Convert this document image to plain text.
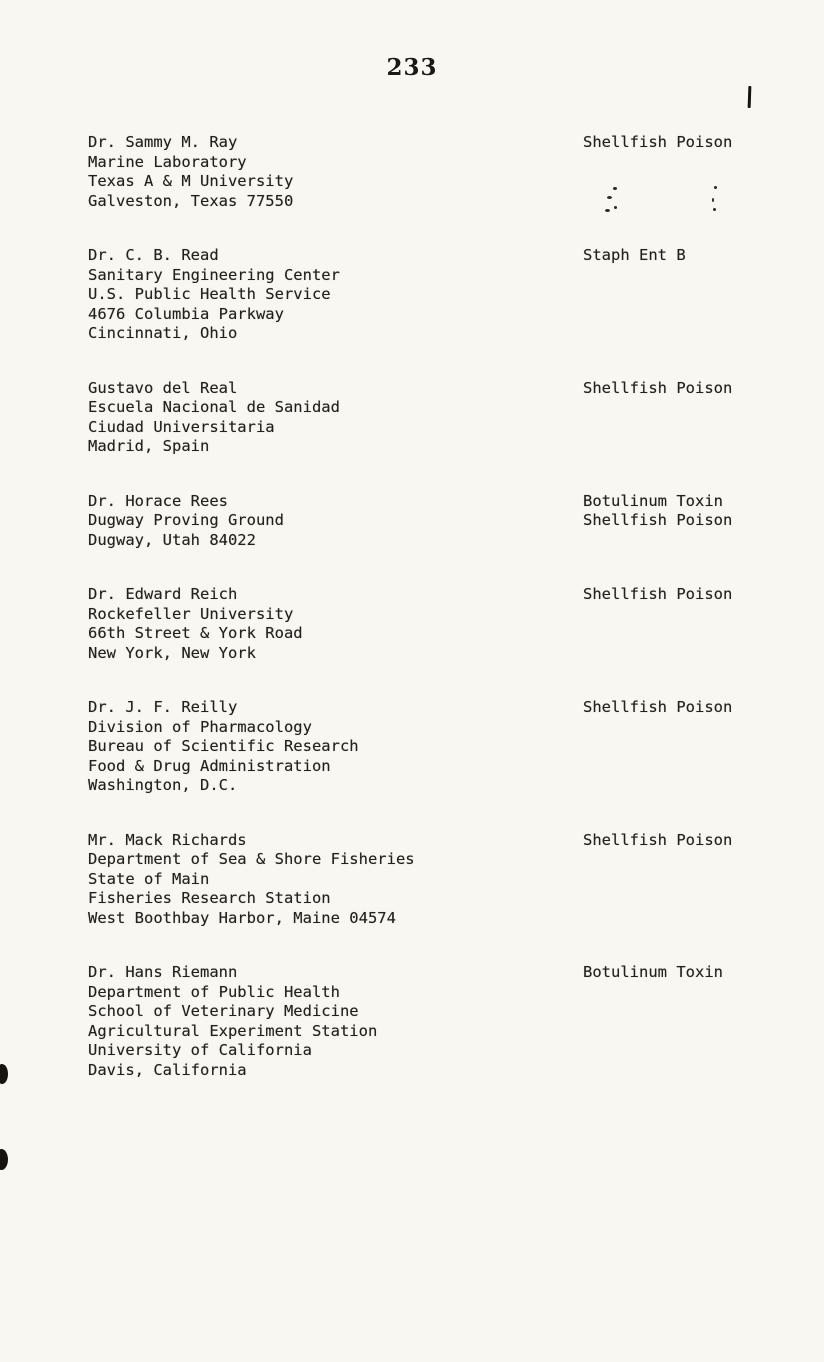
233
Dr. Sammy M. Ray
Marine Laboratory
Texas A & M University
Galveston, Texas 77550
Shellfish Poison
Dr. C. B. Read
Sanitary Engineering Center
U.S. Public Health Service
4676 Columbia Parkway
Cincinnati, Ohio
Staph Ent B
Gustavo del Real
Escuela Nacional de Sanidad
Ciudad Universitaria
Madrid, Spain
Shellfish Poison
Dr. Horace Rees
Dugway Proving Ground
Dugway, Utah 84022
Botulinum Toxin
Shellfish Poison
Dr. Edward Reich
Rockefeller University
66th Street & York Road
New York, New York
Shellfish Poison
Dr. J. F. Reilly
Division of Pharmacology
Bureau of Scientific Research
Food & Drug Administration
Washington, D.C.
Shellfish Poison
Mr. Mack Richards
Department of Sea & Shore Fisheries
State of Main
Fisheries Research Station
West Boothbay Harbor, Maine 04574
Shellfish Poison
Dr. Hans Riemann
Department of Public Health
School of Veterinary Medicine
Agricultural Experiment Station
University of California
Davis, California
Botulinum Toxin
